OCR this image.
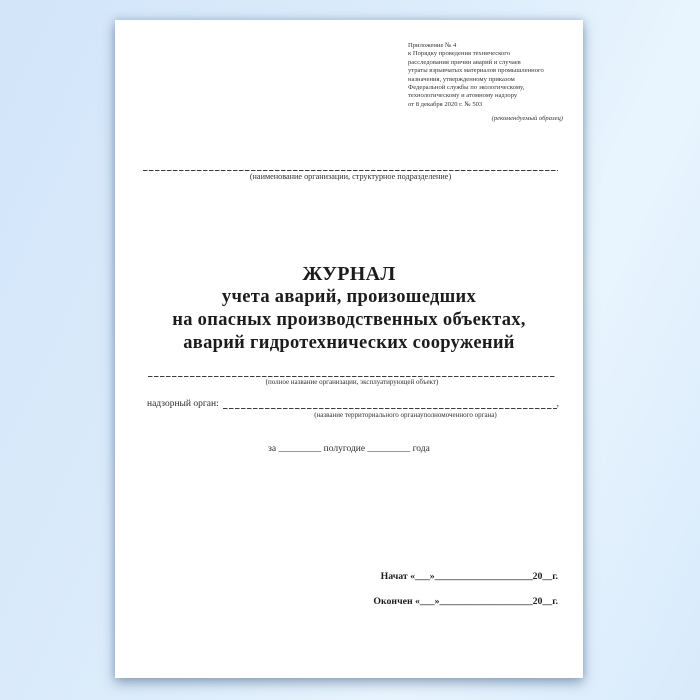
Приложение № 4
к Порядку проведения технического
расследования причин аварий и случаев
утраты взрывчатых материалов промышленного
назначения, утвержденному приказом
Федеральной службы по экологическому,
технологическому и атомному надзору
от 8 декабря 2020 г. № 503
(рекомендуемый образец)
(наименование организации, структурное подразделение)
ЖУРНАЛ
учета аварий, произошедших
на опасных производственных объектах,
аварий гидротехнических сооружений
(полное название организации, эксплуатирующей объект)
надзорный орган:	,
(название территориального органауполномоченного органа)
за _________ полугодие _________ года
Начат «___»____________________20__г.
Окончен «___»___________________20__г.
